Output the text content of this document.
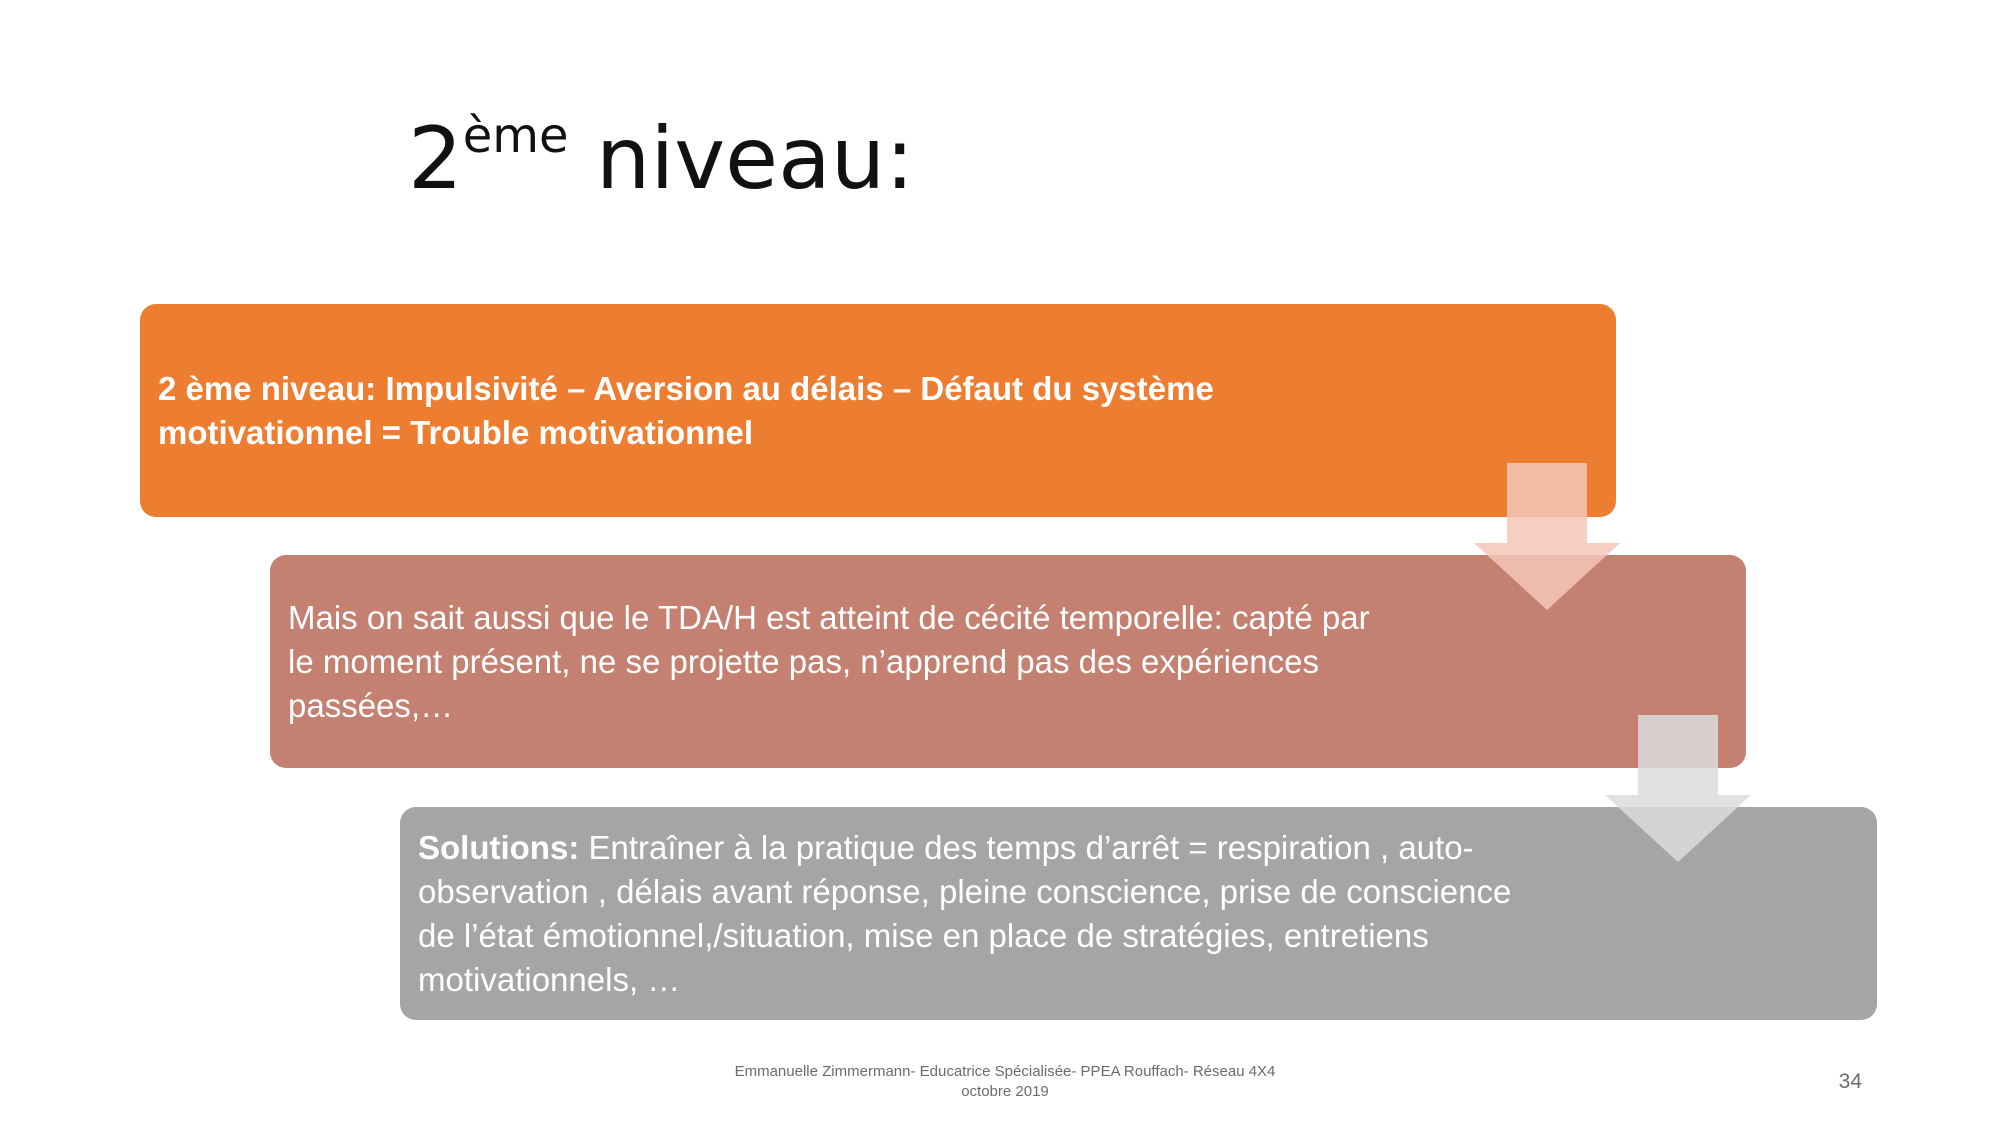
2ème niveau:
2 ème niveau: Impulsivité – Aversion au délais – Défaut du système motivationnel = Trouble motivationnel
Mais on sait aussi que le TDA/H est atteint de cécité temporelle: capté par le moment présent, ne se projette pas, n’apprend pas des expériences passées,…
Solutions: Entraîner à la pratique des temps d’arrêt = respiration , auto-observation , délais avant réponse, pleine conscience, prise de conscience de l’état émotionnel,/situation, mise en place de stratégies, entretiens motivationnels, …
Emmanuelle Zimmermann- Educatrice Spécialisée- PPEA Rouffach- Réseau 4X4
octobre 2019	34
